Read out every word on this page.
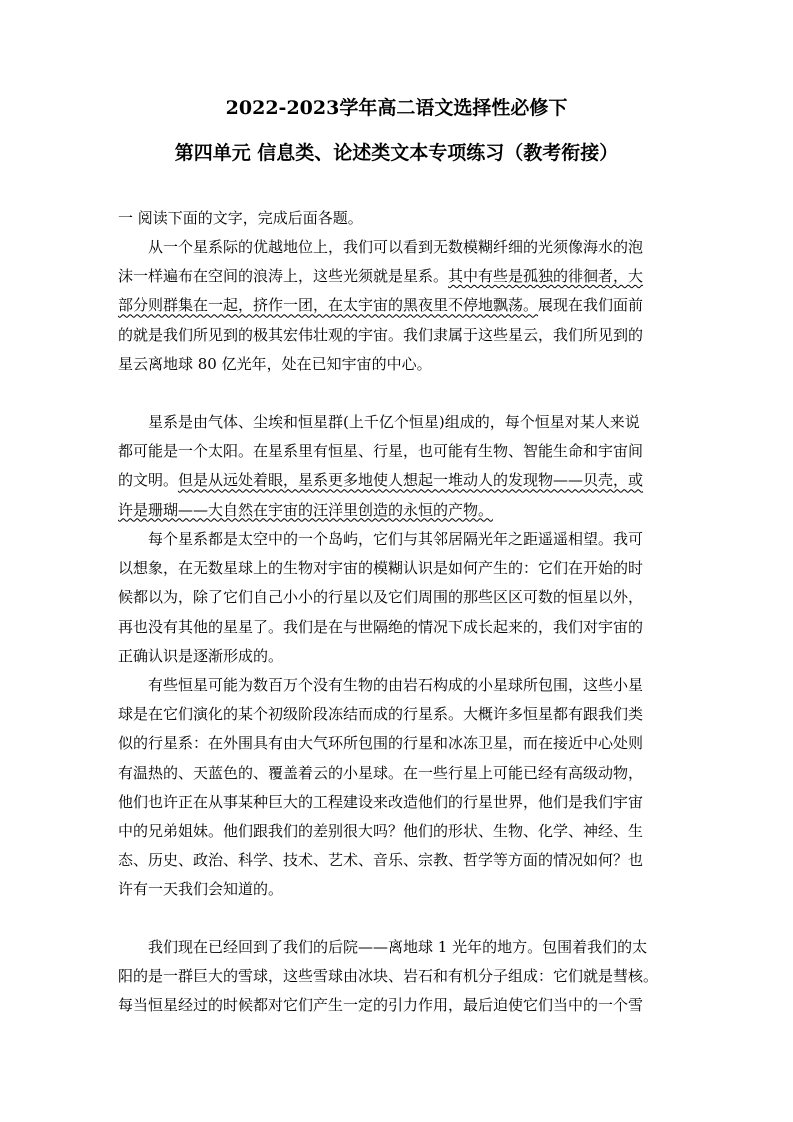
2022-2023学年高二语文选择性必修下
第四单元 信息类、论述类文本专项练习（教考衔接）
一 阅读下面的文字，完成后面各题。
　　从一个星系际的优越地位上，我们可以看到无数模糊纤细的光须像海水的泡
沫一样遍布在空间的浪涛上，这些光须就是星系。其中有些是孤独的徘徊者，大
部分则群集在一起，挤作一团，在太宇宙的黑夜里不停地飘荡。展现在我们面前
的就是我们所见到的极其宏伟壮观的宇宙。我们隶属于这些星云，我们所见到的
星云离地球 80 亿光年，处在已知宇宙的中心。
　　星系是由气体、尘埃和恒星群(上千亿个恒星)组成的，每个恒星对某人来说
都可能是一个太阳。在星系里有恒星、行星，也可能有生物、智能生命和宇宙间
的文明。但是从远处着眼，星系更多地使人想起一堆动人的发现物——贝壳，或
许是珊瑚——大自然在宇宙的汪洋里创造的永恒的产物。
　　每个星系都是太空中的一个岛屿，它们与其邻居隔光年之距遥遥相望。我可
以想象，在无数星球上的生物对宇宙的模糊认识是如何产生的：它们在开始的时
候都以为，除了它们自己小小的行星以及它们周围的那些区区可数的恒星以外，
再也没有其他的星星了。我们是在与世隔绝的情况下成长起来的，我们对宇宙的
正确认识是逐渐形成的。
　　有些恒星可能为数百万个没有生物的由岩石构成的小星球所包围，这些小星
球是在它们演化的某个初级阶段冻结而成的行星系。大概许多恒星都有跟我们类
似的行星系：在外围具有由大气环所包围的行星和冰冻卫星，而在接近中心处则
有温热的、天蓝色的、覆盖着云的小星球。在一些行星上可能已经有高级动物，
他们也许正在从事某种巨大的工程建设来改造他们的行星世界，他们是我们宇宙
中的兄弟姐妹。他们跟我们的差别很大吗？他们的形状、生物、化学、神经、生
态、历史、政治、科学、技术、艺术、音乐、宗教、哲学等方面的情况如何？也
许有一天我们会知道的。
　　我们现在已经回到了我们的后院——离地球 1 光年的地方。包围着我们的太
阳的是一群巨大的雪球，这些雪球由冰块、岩石和有机分子组成：它们就是彗核。
每当恒星经过的时候都对它们产生一定的引力作用，最后迫使它们当中的一个雪
